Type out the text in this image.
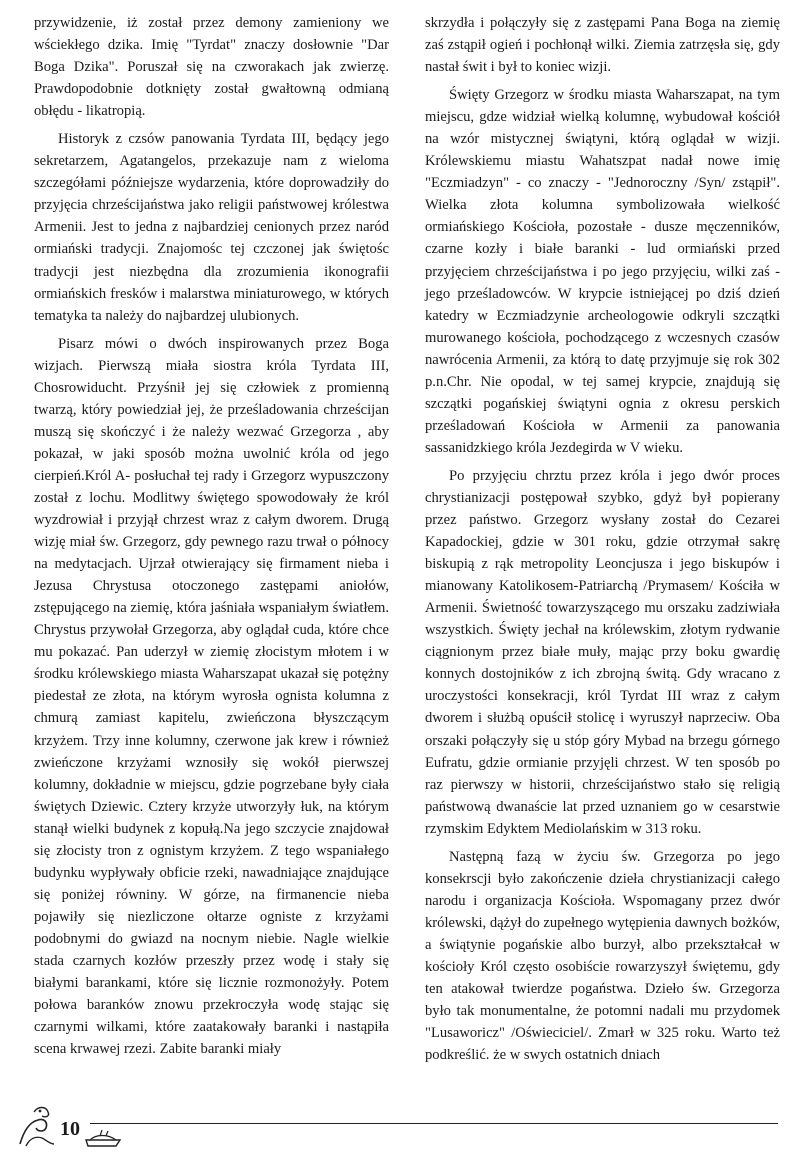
przywidzenie, iż został przez demony zamieniony we wściekłego dzika. Imię "Tyrdat" znaczy dosłownie "Dar Boga Dzika". Poruszał się na czworakach jak zwierzę. Prawdopodobnie dotknięty został gwałtowną odmianą obłędu - likatropią.

Historyk z czsów panowania Tyrdata III, będący jego sekretarzem, Agatangelos, przekazuje nam z wieloma szczegółami późniejsze wydarzenia, które doprowadziły do przyjęcia chrześcijaństwa jako religii państwowej królestwa Armenii. Jest to jedna z najbardziej cenionych przez naród ormiański tradycji. Znajomośc tej czczonej jak świętośc tradycji jest niezbędna dla zrozumienia ikonografii ormiańskich fresków i malarstwa miniaturowego, w których tematyka ta należy do najbardzej ulubionych.

Pisarz mówi o dwóch inspirowanych przez Boga wizjach. Pierwszą miała siostra króla Tyrdata III, Chosrowiducht. Przyśnił jej się człowiek z promienną twarzą, który powiedział jej, że prześladowania chrześcijan muszą się skończyć i że należy wezwać Grzegorza , aby pokazał, w jaki sposób można uwolnić króla od jego cierpień.Król A- posłuchał tej rady i Grzegorz wypuszczony został z lochu. Modlitwy świętego spowodowały że król wyzdrowiał i przyjął chrzest wraz z całym dworem. Drugą wizję miał św. Grzegorz, gdy pewnego razu trwał o północy na medytacjach. Ujrzał otwierający się firmament nieba i Jezusa Chrystusa otoczonego zastępami aniołów, zstępującego na ziemię, która jaśniała wspaniałym światłem. Chrystus przywołał Grzegorza, aby oglądał cuda, które chce mu pokazać. Pan uderzył w ziemię złocistym młotem i w środku królewskiego miasta Waharszapat ukazał się potężny piedestał ze złota, na którym wyrosła ognista kolumna z chmurą zamiast kapitelu, zwieńczona błyszczącym krzyżem. Trzy inne kolumny, czerwone jak krew i również zwieńczone krzyżami wznosiły się wokół pierwszej kolumny, dokładnie w miejscu, gdzie pogrzebane były ciała świętych Dziewic. Cztery krzyże utworzyły łuk, na którym stanął wielki budynek z kopułą.Na jego szczycie znajdował się złocisty tron z ognistym krzyżem. Z tego wspaniałego budynku wypływały obficie rzeki, nawadniające znajdujące się poniżej równiny. W górze, na firmanencie nieba pojawiły się niezliczone ołtarze ogniste z krzyżami podobnymi do gwiazd na nocnym niebie. Nagle wielkie stada czarnych kozłów przeszły przez wodę i stały się białymi barankami, które się licznie rozmonożyły. Potem połowa baranków znowu przekroczyła wodę stając się czarnymi wilkami, które zaatakowały baranki i nastąpiła scena krwawej rzezi. Zabite baranki miały

skrzydła i połączyły się z zastępami Pana Boga na ziemię zaś zstąpił ogień i pochłonął wilki. Ziemia zatrzęsła się, gdy nastał świt i był to koniec wizji.

Święty Grzegorz w środku miasta Waharszapat, na tym miejscu, gdze widział wielką kolumnę, wybudował kościół na wzór mistycznej świątyni, którą oglądał w wizji. Królewskiemu miastu Wahatszpat nadał nowe imię "Eczmiadzyn" - co znaczy - "Jednoroczny /Syn/ zstąpił". Wielka złota kolumna symbolizowała wielkość ormiańskiego Kościoła, pozostałe - dusze męczenników, czarne kozły i białe baranki - lud ormiański przed przyjęciem chrześcijaństwa i po jego przyjęciu, wilki zaś - jego prześladowców. W krypcie istniejącej po dziś dzień katedry w Eczmiadzynie archeologowie odkryli szczątki murowanego kościoła, pochodzącego z wczesnych czasów nawrócenia Armenii, za którą to datę przyjmuje się rok 302 p.n.Chr. Nie opodal, w tej samej krypcie, znajdują się szczątki pogańskiej świątyni ognia z okresu perskich prześladowań Kościoła w Armenii za panowania sassanidzkiego króla Jezdegirda w V wieku.

Po przyjęciu chrztu przez króla i jego dwór proces chrystianizacji postępował szybko, gdyż był popierany przez państwo. Grzegorz wysłany został do Cezarei Kapadockiej, gdzie w 301 roku, gdzie otrzymał sakrę biskupią z rąk metropolity Leoncjusza i jego biskupów i mianowany Katolikosem-Patriarchą /Prymasem/ Kościła w Armenii. Świetność towarzyszącego mu orszaku zadziwiała wszystkich. Święty jechał na królewskim, złotym rydwanie ciągnionym przez białe muły, mając przy boku gwardię konnych dostojników z ich zbrojną świtą. Gdy wracano z uroczystości konsekracji, król Tyrdat III wraz z całym dworem i służbą opuścił stolicę i wyruszył naprzeciw. Oba orszaki połączyły się u stóp góry Mybad na brzegu górnego Eufratu, gdzie ormianie przyjęli chrzest. W ten sposób po raz pierwszy w historii, chrześcijaństwo stało się religią państwową dwanaście lat przed uznaniem go w cesarstwie rzymskim Edyktem Mediolańskim w 313 roku.

Następną fazą w życiu św. Grzegorza po jego konsekrscji było zakończenie dzieła chrystianizacji całego narodu i organizacja Kościoła. Wspomagany przez dwór królewski, dążył do zupełnego wytępienia dawnych bożków, a świątynie pogańskie albo burzył, albo przekształcał w kościoły Król często osobiście rowarzyszył świętemu, gdy ten atakował twierdze pogaństwa. Dzieło św. Grzegorza było tak monumentalne, że potomni nadali mu przydomek "Lusaworicz" /Oświeciciel/. Zmarł w 325 roku. Warto też podkreślić. że w swych ostatnich dniach

10
